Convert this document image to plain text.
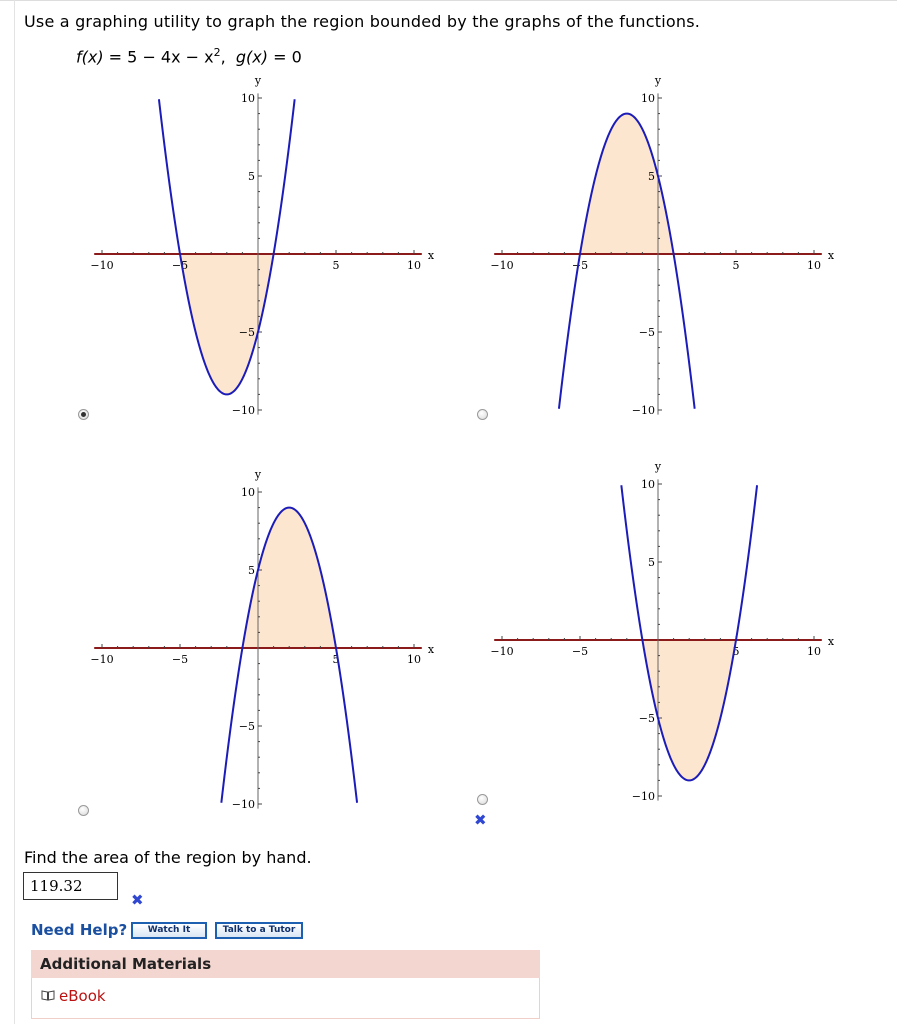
Use a graphing utility to graph the region bounded by the graphs of the functions.
$f(x) = 5 - 4x - x^2$,  g(x) = 0
−10	−5	5	10
−10
−5
5
10
x
y
−10	−5	5	10
−10
−5
5
10
x
y
−10	−5	5	10
−10
−5
5
10
x
y
−10	−5	5	10
−10
−5
5
10
x
y
✖
Find the area of the region by hand.
119.32
✖
Need Help?	Watch It	Talk to a Tutor
Additional Materials
eBook
